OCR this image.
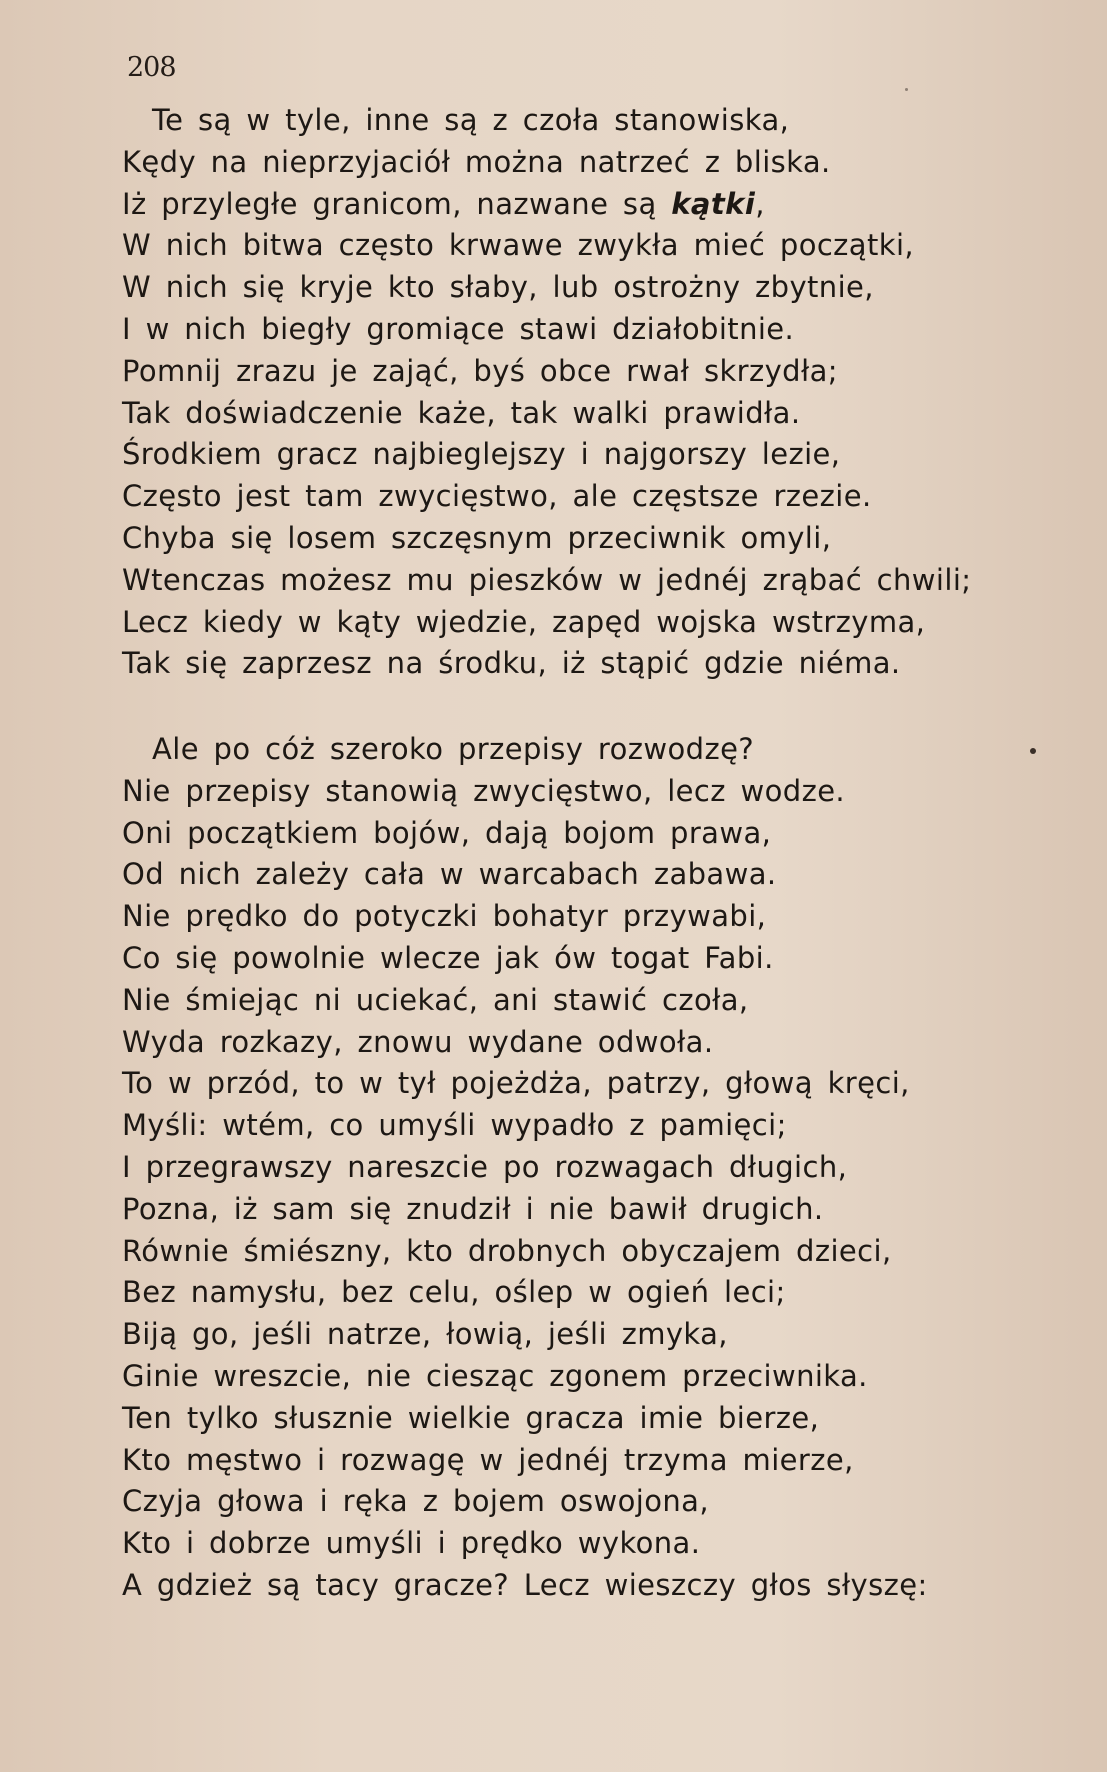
208
Te są w tyle, inne są z czoła stanowiska,
Kędy na nieprzyjaciół można natrzeć z bliska.
Iż przyległe granicom, nazwane są kątki,
W nich bitwa często krwawe zwykła mieć początki,
W nich się kryje kto słaby, lub ostrożny zbytnie,
I w nich biegły gromiące stawi działobitnie.
Pomnij zrazu je zająć, byś obce rwał skrzydła;
Tak doświadczenie każe, tak walki prawidła.
Środkiem gracz najbieglejszy i najgorszy lezie,
Często jest tam zwycięstwo, ale częstsze rzezie.
Chyba się losem szczęsnym przeciwnik omyli,
Wtenczas możesz mu pieszków w jednéj zrąbać chwili;
Lecz kiedy w kąty wjedzie, zapęd wojska wstrzyma,
Tak się zaprzesz na środku, iż stąpić gdzie niéma.
Ale po cóż szeroko przepisy rozwodzę?
Nie przepisy stanowią zwycięstwo, lecz wodze.
Oni początkiem bojów, dają bojom prawa,
Od nich zależy cała w warcabach zabawa.
Nie prędko do potyczki bohatyr przywabi,
Co się powolnie wlecze jak ów togat Fabi.
Nie śmiejąc ni uciekać, ani stawić czoła,
Wyda rozkazy, znowu wydane odwoła.
To w przód, to w tył pojeżdża, patrzy, głową kręci,
Myśli: wtém, co umyśli wypadło z pamięci;
I przegrawszy nareszcie po rozwagach długich,
Pozna, iż sam się znudził i nie bawił drugich.
Równie śmiészny, kto drobnych obyczajem dzieci,
Bez namysłu, bez celu, oślep w ogień leci;
Biją go, jeśli natrze, łowią, jeśli zmyka,
Ginie wreszcie, nie ciesząc zgonem przeciwnika.
Ten tylko słusznie wielkie gracza imie bierze,
Kto męstwo i rozwagę w jednéj trzyma mierze,
Czyja głowa i ręka z bojem oswojona,
Kto i dobrze umyśli i prędko wykona.
A gdzież są tacy gracze? Lecz wieszczy głos słyszę:
